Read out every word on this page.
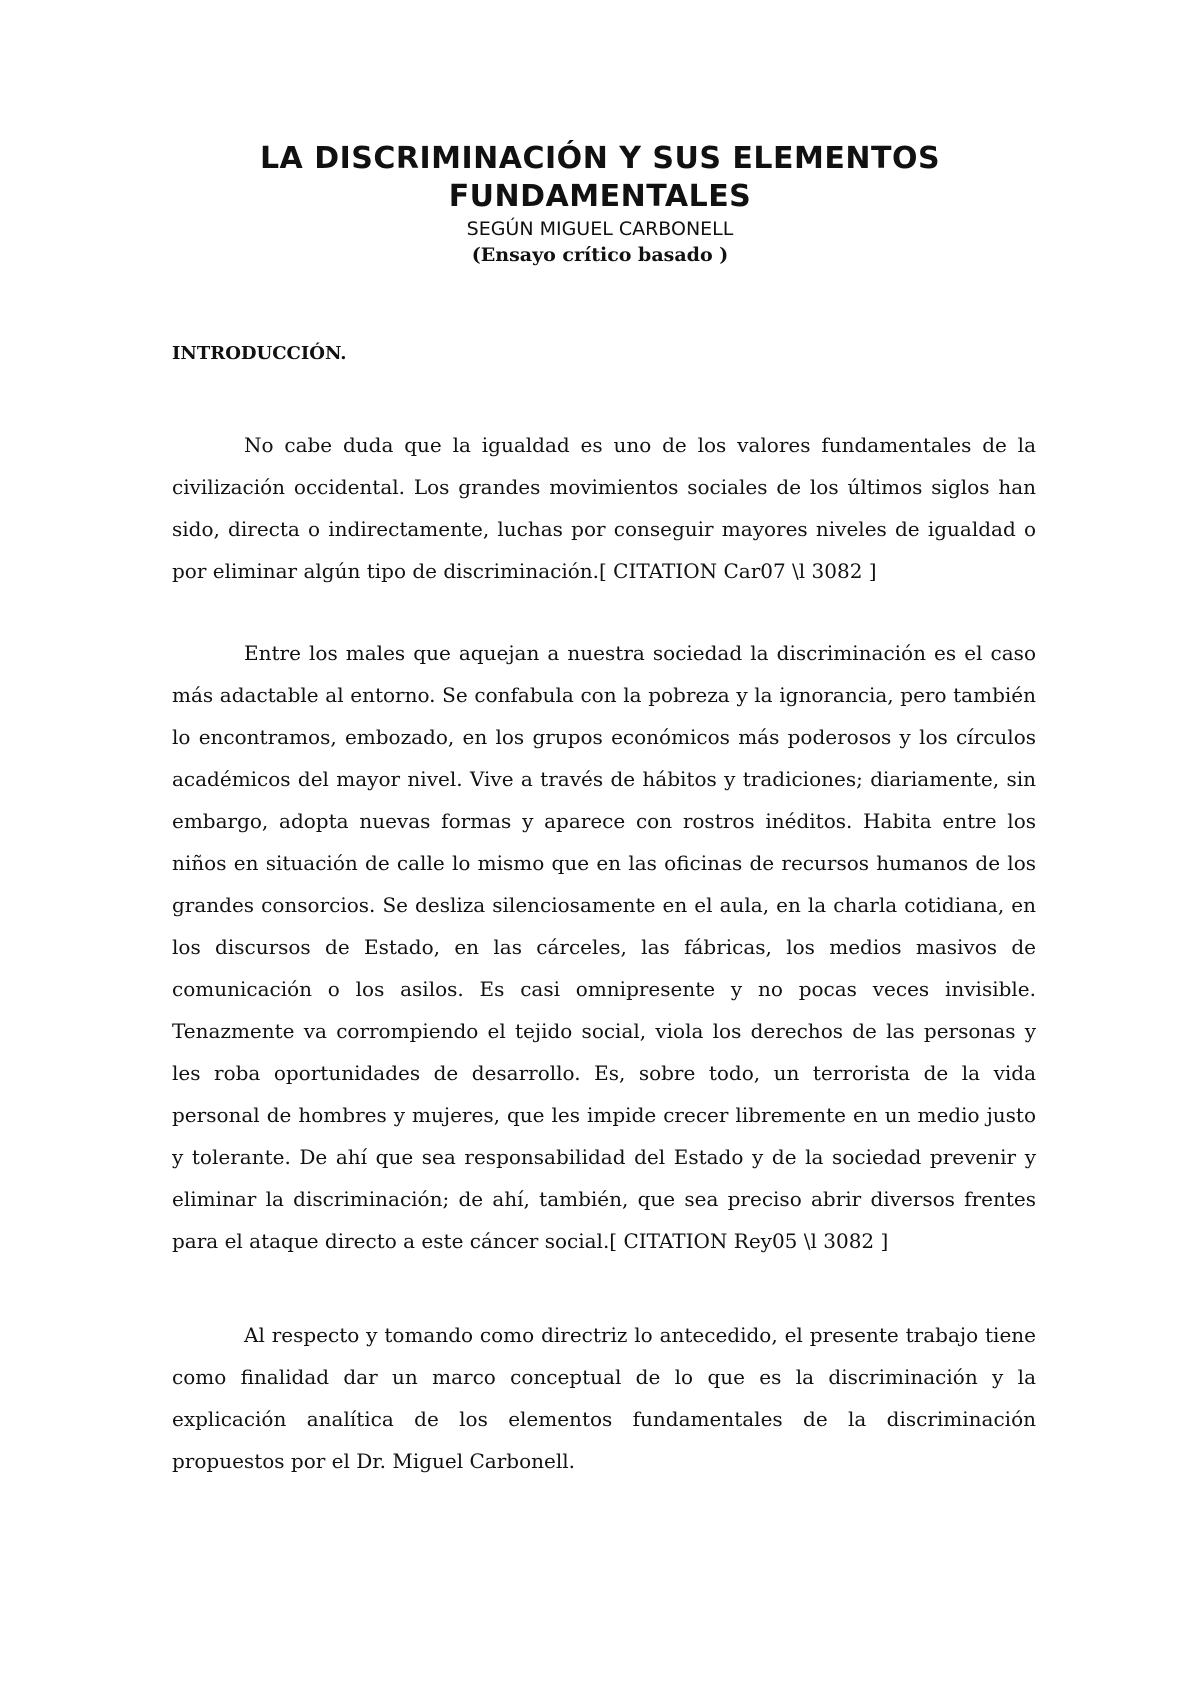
LA DISCRIMINACIÓN Y SUS ELEMENTOS FUNDAMENTALES

SEGÚN MIGUEL CARBONELL

(Ensayo crítico basado )

INTRODUCCIÓN.

No cabe duda que la igualdad es uno de los valores fundamentales de la civilización occidental. Los grandes movimientos sociales de los últimos siglos han sido, directa o indirectamente, luchas por conseguir mayores niveles de igualdad o por eliminar algún tipo de discriminación.[ CITATION Car07 \l 3082 ]

Entre los males que aquejan a nuestra sociedad la discriminación es el caso más adactable al entorno. Se confabula con la pobreza y la ignorancia, pero también lo encontramos, embozado, en los grupos económicos más poderosos y los círculos académicos del mayor nivel. Vive a través de hábitos y tradiciones; diariamente, sin embargo, adopta nuevas formas y aparece con rostros inéditos. Habita entre los niños en situación de calle lo mismo que en las oficinas de recursos humanos de los grandes consorcios. Se desliza silenciosamente en el aula, en la charla cotidiana, en los discursos de Estado, en las cárceles, las fábricas, los medios masivos de comunicación o los asilos. Es casi omnipresente y no pocas veces invisible. Tenazmente va corrompiendo el tejido social, viola los derechos de las personas y les roba oportunidades de desarrollo. Es, sobre todo, un terrorista de la vida personal de hombres y mujeres, que les impide crecer libremente en un medio justo y tolerante. De ahí que sea responsabilidad del Estado y de la sociedad prevenir y eliminar la discriminación; de ahí, también, que sea preciso abrir diversos frentes para el ataque directo a este cáncer social.[ CITATION Rey05 \l 3082 ]

Al respecto y tomando como directriz lo antecedido, el presente trabajo tiene como finalidad dar un marco conceptual de lo que es la discriminación y la explicación analítica de los elementos fundamentales de la discriminación propuestos por el Dr. Miguel Carbonell.
